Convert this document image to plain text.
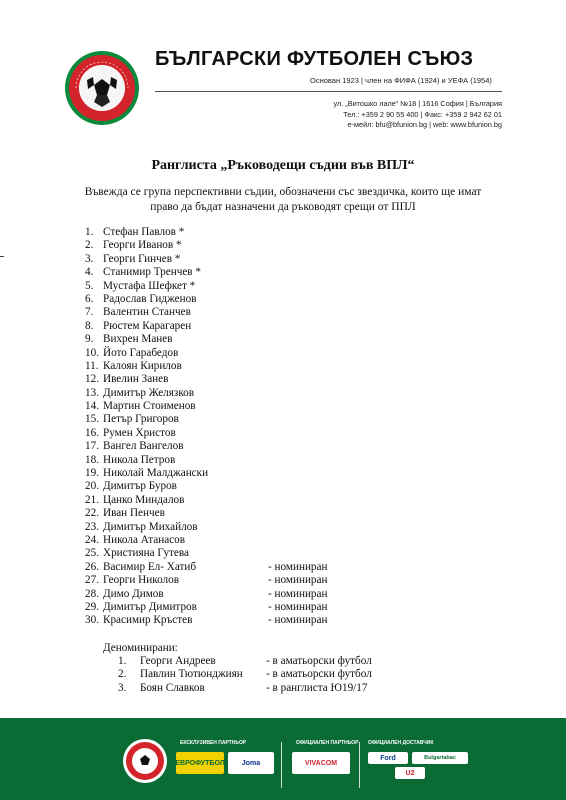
БЪЛГАРСКИ ФУТБОЛЕН СЪЮЗ
Основан 1923 | член на ФИФА (1924) и УЕФА (1954)
ул. „Витошко лале“ №18 | 1616 София | България
Тел.: +359 2 90 55 400 | Факс: +359 2 942 62 01
е-мейл: bfu@bfunion.bg | web: www.bfunion.bg
Ранглиста „Ръководещи съдии във ВПЛ“
Въвежда се група перспективни съдии, обозначени със звездичка, които ще имат право да бъдат назначени да ръководят срещи от ППЛ
1. Стефан Павлов *
2. Георги Иванов *
3. Георги Гинчев *
4. Станимир Тренчев *
5. Мустафа Шефкет *
6. Радослав Гидженов
7. Валентин Станчев
8. Рюстем Карагарен
9. Вихрен Манев
10. Йото Гарабедов
11. Калоян Кирилов
12. Ивелин Занев
13. Димитър Желязков
14. Мартин Стоименов
15. Петър Григоров
16. Румен Христов
17. Вангел Вангелов
18. Никола Петров
19. Николай Малджански
20. Димитър Буров
21. Цанко Миндалов
22. Иван Пенчев
23. Димитър Михайлов
24. Никола Атанасов
25. Християна Гутева
26. Васимир Ел- Хатиб	- номиниран
27. Георги Николов	- номиниран
28. Димо Димов	- номиниран
29. Димитър Димитров	- номиниран
30. Красимир Кръстев	- номиниран
Деноминирани:
1. Георги Андреев	- в аматьорски футбол
2. Павлин Тютюнджиян - в аматьорски футбол
3. Боян Славков	- в ранглиста Ю19/17
ЕКСКЛУЗИВЕН ПАРТНЬОР	ОФИЦИАЛЕН ПАРТНЬОР ОФИЦИАЛЕН ДОСТАВЧИК
ЕВРОФУТБОЛ	Joma	VIVACOM
Ford	Bulgartabac
U2
